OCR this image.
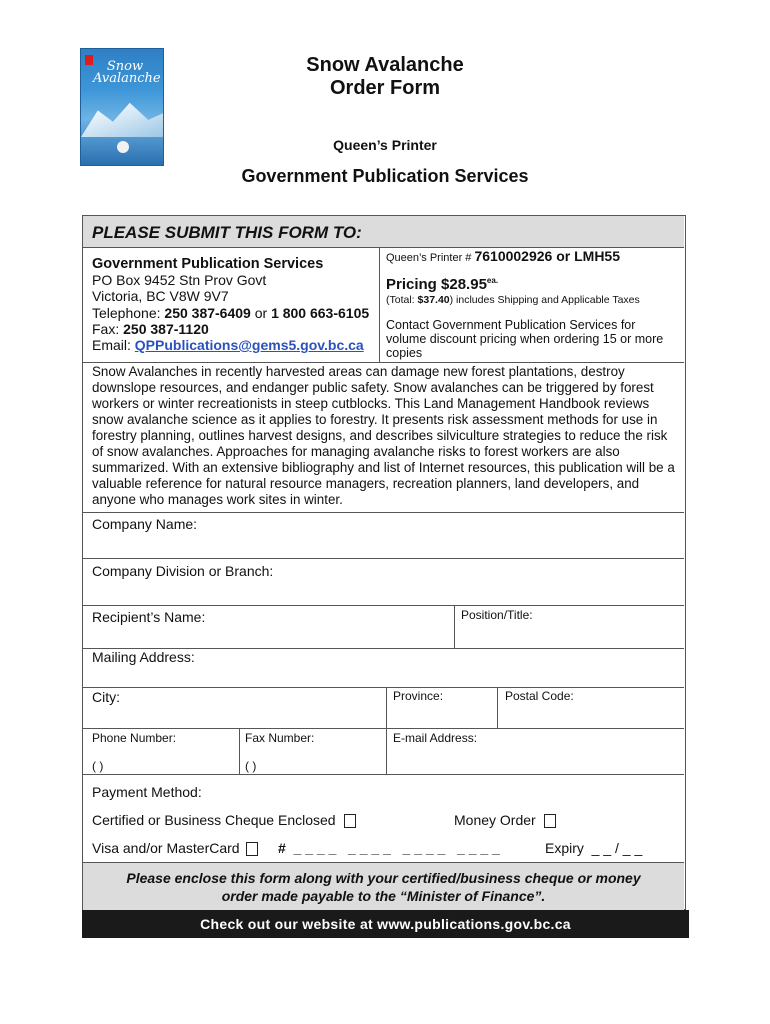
Snow
Avalanche
Snow Avalanche
Order Form
Queen’s Printer
Government Publication Services
PLEASE SUBMIT THIS FORM TO:
Government Publication Services
PO Box 9452 Stn Prov Govt
Victoria, BC V8W 9V7
Telephone: 250 387-6409 or 1 800 663-6105
Fax: 250 387-1120
Email: QPPublications@gems5.gov.bc.ca
Queen’s Printer # 7610002926 or LMH55
Pricing $\$28.95^{ea.}$
(Total: $37.40) includes Shipping and Applicable Taxes
Contact Government Publication Services for volume discount pricing when ordering 15 or more copies
Snow Avalanches in recently harvested areas can damage new forest plantations, destroy downslope resources, and endanger public safety. Snow avalanches can be triggered by forest workers or winter recreationists in steep cutblocks. This Land Management Handbook reviews snow avalanche science as it applies to forestry. It presents risk assessment methods for use in forestry planning, outlines harvest designs, and describes silviculture strategies to reduce the risk of snow avalanches. Approaches for managing avalanche risks to forest workers are also summarized. With an extensive bibliography and list of Internet resources, this publication will be a valuable reference for natural resource managers, recreation planners, land developers, and anyone who manages work sites in winter.
Company Name:
Company Division or Branch:
Recipient’s Name:	Position/Title:
Mailing Address:
City:	Province:	Postal Code:
Phone Number:
( )
Fax Number:
( )
E-mail Address:
Payment Method:
Certified or Business Cheque Enclosed	Money Order
Visa and/or MasterCard	#  _ _ _ _   _ _ _ _   _ _ _ _   _ _ _ _	Expiry  _ _ / _ _
Please enclose this form along with your certified/business cheque or money
order made payable to the “Minister of Finance”.
Check out our website at www.publications.gov.bc.ca
